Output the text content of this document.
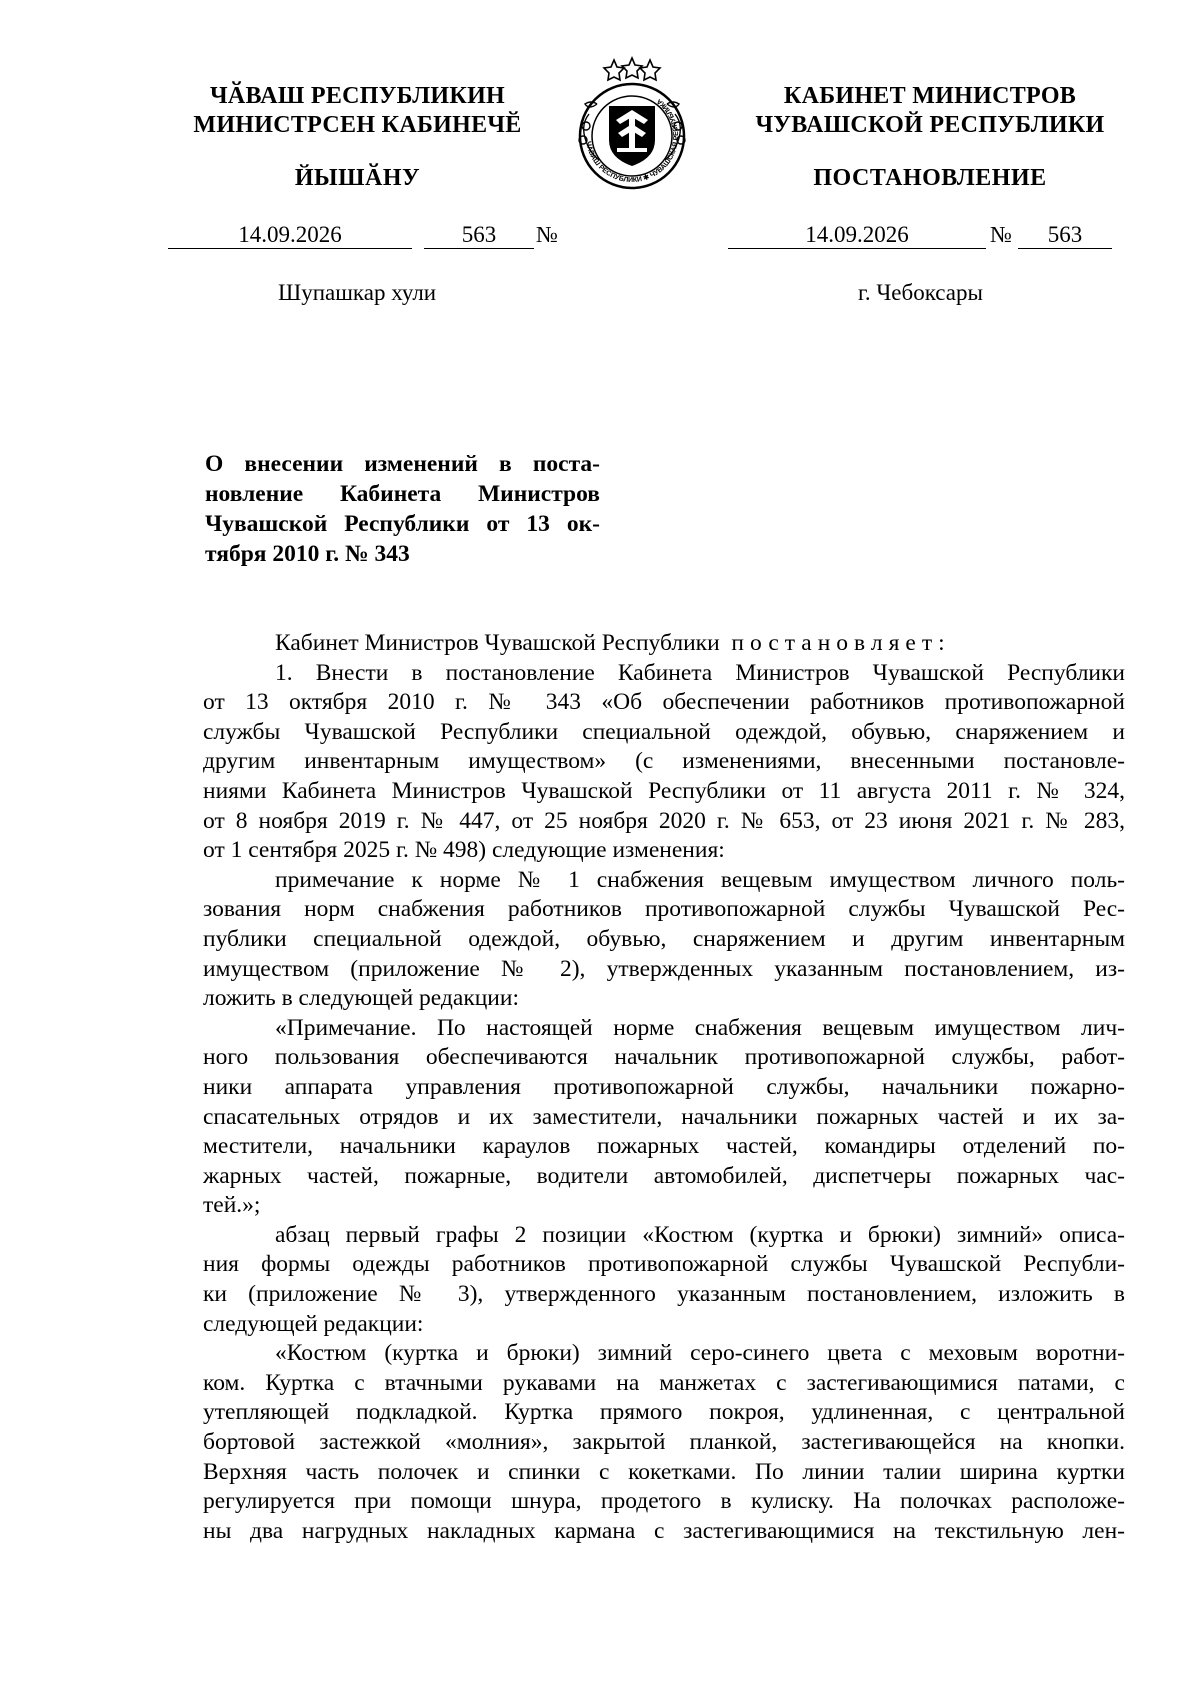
ЧӐВАШ РЕСПУБЛИКИН
МИНИСТРСЕН КАБИНЕЧӖ
ЙЫШӐНУ
ЧӐВАШ РЕСПУБЛИКИ ✱ ЧУВАШСКАЯ РЕСПУБЛИКА	КАБИНЕТ МИНИСТРОВ
ЧУВАШСКОЙ РЕСПУБЛИКИ
ПОСТАНОВЛЕНИЕ
14.09.2026	563	№	14.09.2026	№	563
Шупашкар хули	г. Чебоксары
О внесении изменений в поста-
новление Кабинета Министров
Чувашской Республики от 13 ок-
тября 2010 г. № 343
Кабинет Министров Чувашской Республики постановляет:
1. Внести в постановление Кабинета Министров Чувашской Республики
от 13 октября 2010 г. № 343 «Об обеспечении работников противопожарной
службы Чувашской Республики специальной одеждой, обувью, снаряжением и
другим инвентарным имуществом» (с изменениями, внесенными постановле-
ниями Кабинета Министров Чувашской Республики от 11 августа 2011 г. № 324,
от 8 ноября 2019 г. № 447, от 25 ноября 2020 г. № 653, от 23 июня 2021 г. № 283,
от 1 сентября 2025 г. № 498) следующие изменения:
примечание к норме № 1 снабжения вещевым имуществом личного поль-
зования норм снабжения работников противопожарной службы Чувашской Рес-
публики специальной одеждой, обувью, снаряжением и другим инвентарным
имуществом (приложение № 2), утвержденных указанным постановлением, из-
ложить в следующей редакции:
«Примечание. По настоящей норме снабжения вещевым имуществом лич-
ного пользования обеспечиваются начальник противопожарной службы, работ-
ники аппарата управления противопожарной службы, начальники пожарно-
спасательных отрядов и их заместители, начальники пожарных частей и их за-
местители, начальники караулов пожарных частей, командиры отделений по-
жарных частей, пожарные, водители автомобилей, диспетчеры пожарных час-
тей.»;
абзац первый графы 2 позиции «Костюм (куртка и брюки) зимний» описа-
ния формы одежды работников противопожарной службы Чувашской Республи-
ки (приложение № 3), утвержденного указанным постановлением, изложить в
следующей редакции:
«Костюм (куртка и брюки) зимний серо-синего цвета с меховым воротни-
ком. Куртка с втачными рукавами на манжетах с застегивающимися патами, с
утепляющей подкладкой. Куртка прямого покроя, удлиненная, с центральной
бортовой застежкой «молния», закрытой планкой, застегивающейся на кнопки.
Верхняя часть полочек и спинки с кокетками. По линии талии ширина куртки
регулируется при помощи шнура, продетого в кулиску. На полочках расположе-
ны два нагрудных накладных кармана с застегивающимися на текстильную лен-
